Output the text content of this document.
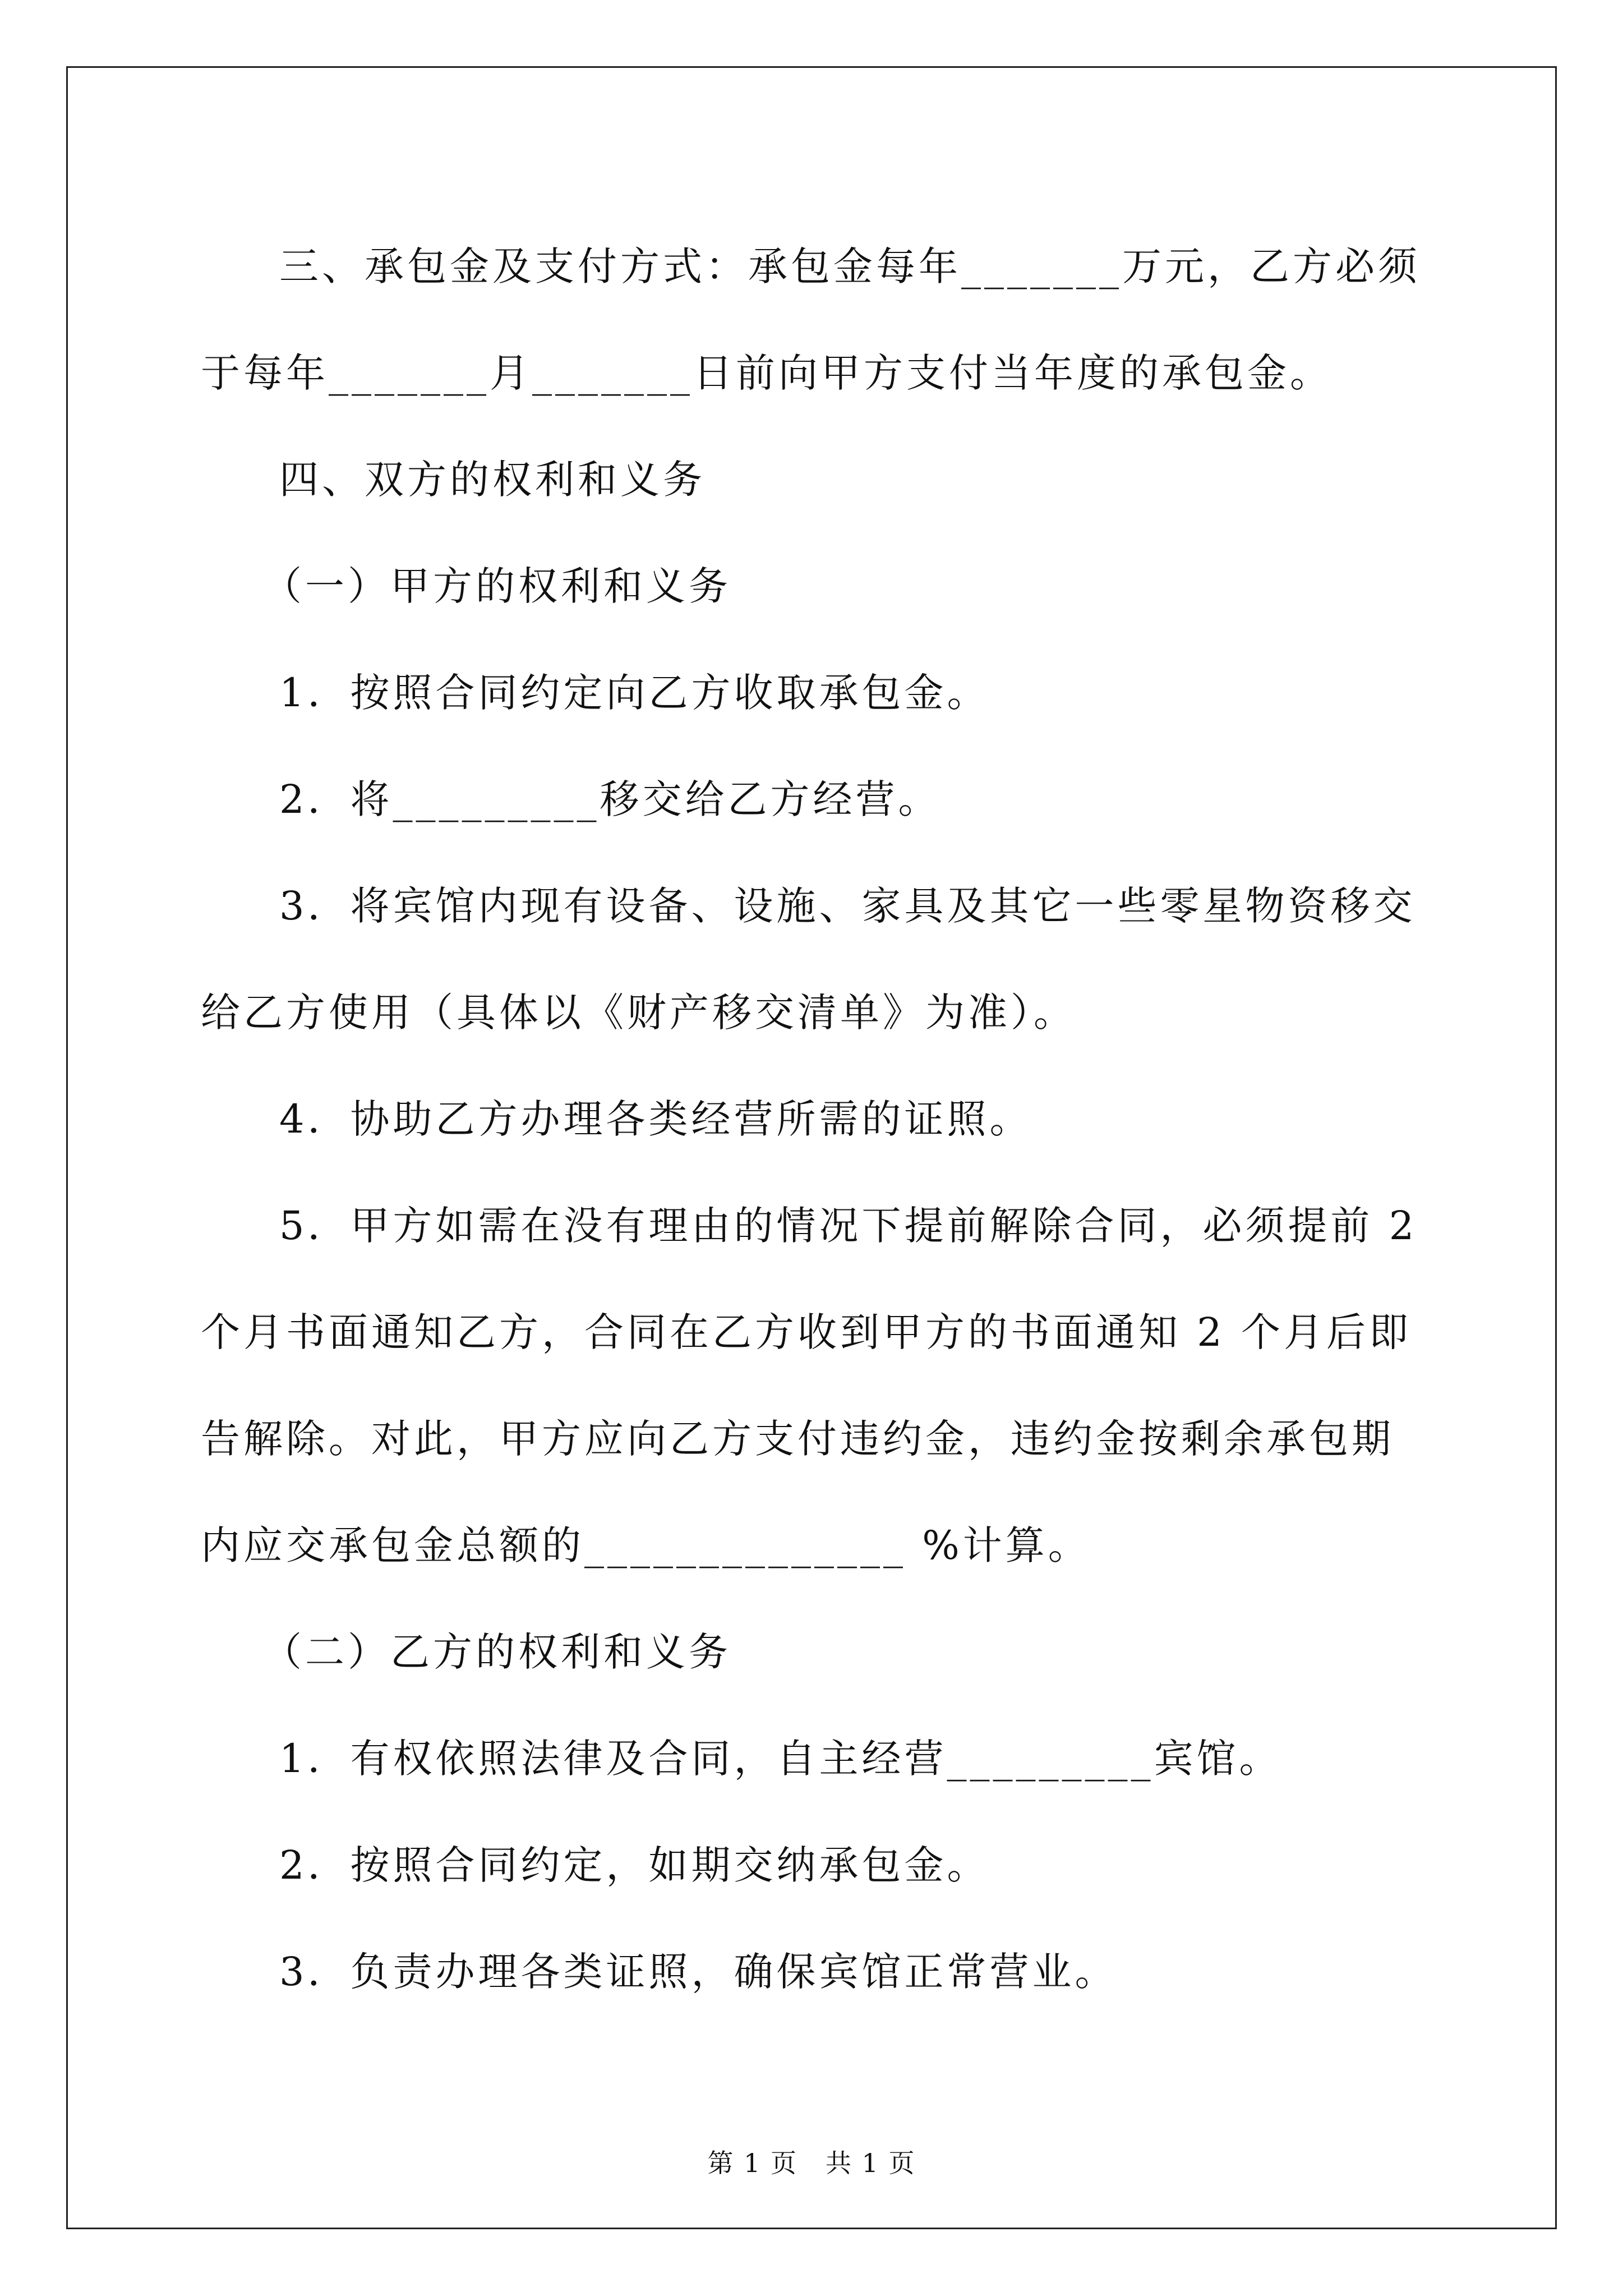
三、承包金及支付方式：承包金每年_______万元，乙方必须于每年_______月_______日前向甲方支付当年度的承包金。

四、双方的权利和义务

（一）甲方的权利和义务

1．按照合同约定向乙方收取承包金。

2．将_________移交给乙方经营。

3．将宾馆内现有设备、设施、家具及其它一些零星物资移交给乙方使用（具体以《财产移交清单》为准）。

4．协助乙方办理各类经营所需的证照。

5．甲方如需在没有理由的情况下提前解除合同，必须提前 2 个月书面通知乙方，合同在乙方收到甲方的书面通知 2 个月后即告解除。对此，甲方应向乙方支付违约金，违约金按剩余承包期内应交承包金总额的______________ %计算。

（二）乙方的权利和义务

1．有权依照法律及合同，自主经营_________宾馆。

2．按照合同约定，如期交纳承包金。

3．负责办理各类证照，确保宾馆正常营业。

第 1 页 共 1 页
